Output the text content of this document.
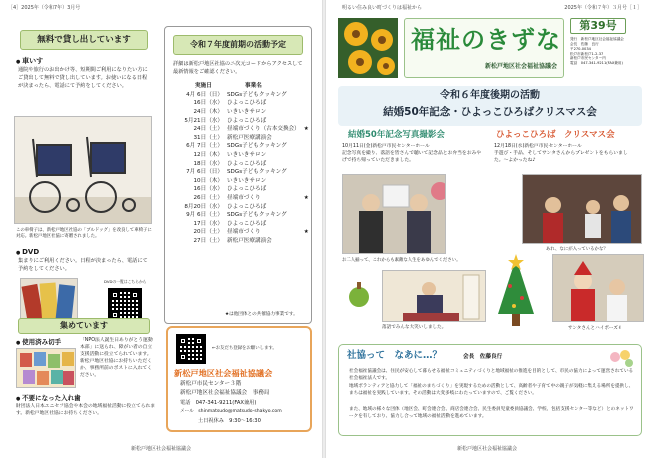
［4］2025年（令和7年）3月号
無料で貸し出しています
● 車いす
通院や旅行のお出かけ等、短期間ご利用になりたい方にご貸出して無料で貸し出しています。お使いになる日程が決まったら、電話にて予約をしてください。
この車椅子は、新松戸地区社協の「ブルドッグ」を改良して車椅子に対応。新松戸地区社協に寄贈されました。
● DVD
集まりにご利用ください。日程が決まったら、電話にて予約をしてください。
DVDの一覧はこちらから
令和７年度前期の活動予定
詳細は新松戸地区社協のニ次元コードからアクセスして最新情報をご確認ください。
実施日	事業名
4月 6日（日）	SDGs子どもクッキング	
16日（水）	ひよっこひろば	
24日（木）	いきいきサロン	
5月21日（水）	ひよっこひろば	
24日（土）	昼端市づくり（古本交換会）	★
31日（土）	新松戸医療講演会	
6月 7日（土）	SDGs子どもクッキング	
12日（木）	いきいきサロン	
18日（水）	ひよっこひろば	
7月 6日（日）	SDGs子どもクッキング	
10日（木）	いきいきサロン	
16日（水）	ひよっこひろば	
26日（土）	昼端市づくり	★
8月20日（水）	ひよっこひろば	
9月 6日（土）	SDGs子どもクッキング	
17日（水）	ひよっこひろば	
20日（土）	昼端市づくり	★
27日（土）	新松戸医療講演会	
★は他団体との共催協力事業です。
集めています
● 使用済み切手	「NPO法人誕生日ありがとう運動本部」に送られ、障がい者の自立支援活動に役立てられています。新松戸地区社協にお持ちいただくか、事務所前のポストに入れてください。
● 不要になった入れ歯
財団法人日本ユニセフ協会や本会の地域福祉活動に役立てられます。新松戸地区社協にお持ちください。
←お友だち登録をお願いします。
新松戸地区社会福祉協議会
新松戸市民センター３階
新松戸地区社会福祉協議会　事務局
電話　047-341-9211(FAX兼用)
メール　shinmatsudo@matsudo-shakyo.com
土日祝休み　9:30～16:30
新松戸地区社会福祉協議会
明るい住み良い町づくりは福祉から	2025年（令和７年）３月号［１］
福祉のきずな
新松戸地区社会福祉協議会
第39号
発行　新松戸地区社会福祉協議会
会長　佐藤　良行
〒270-0034
松戸市新松戸1-2-37
新松戸市民センター内
電話　047-341-9211(FAX兼用)
令和６年度後期の活動
結婚50年記念・ひよっこひろばクリスマス会
結婚50年記念写真撮影会
10月11日(金)新松戸市民センターホール
記念写真を撮り、落語を皆さんで聴いて記念品とお弁当をおみやげで持ち帰っていただきました。
お二人揃って、これからも素敵な人生をあゆんでください。
落語でみんな大笑いしました。
ひよっこひろば　クリスマス会
12月18日(水)新松戸市民センターホール
手遊び・手品、そしてサンタさんからプレゼントをもらいました。〜よかったね♪
あれ、なにが入っているかな？
サンタさんとハイポーズ✌
社協って　なあに…？	会長　佐藤良行
社会福祉協議会は、住民が安心して暮らせる福祉コミュニティづくりと地域福祉の推進を目的として、市民の協力によって運営されている社会福祉法人です。
地域ボランティアと協力して「福祉のまちづくり」を実現するための活動として、高齢者や子育て中の親子が気軽に集える場所を提供し、まちは福祉を実践しています。その活動は大変多岐にわたっていますので、ご覧ください。
また、地域の様々な団体（地区会、町会連合会、商店会連合会、民生委員児童委員協議会、学校、包括支援センター等など）とのネットワークを有しており、協力し合って地域の福祉活動を進めています。
新松戸地区社会福祉協議会
